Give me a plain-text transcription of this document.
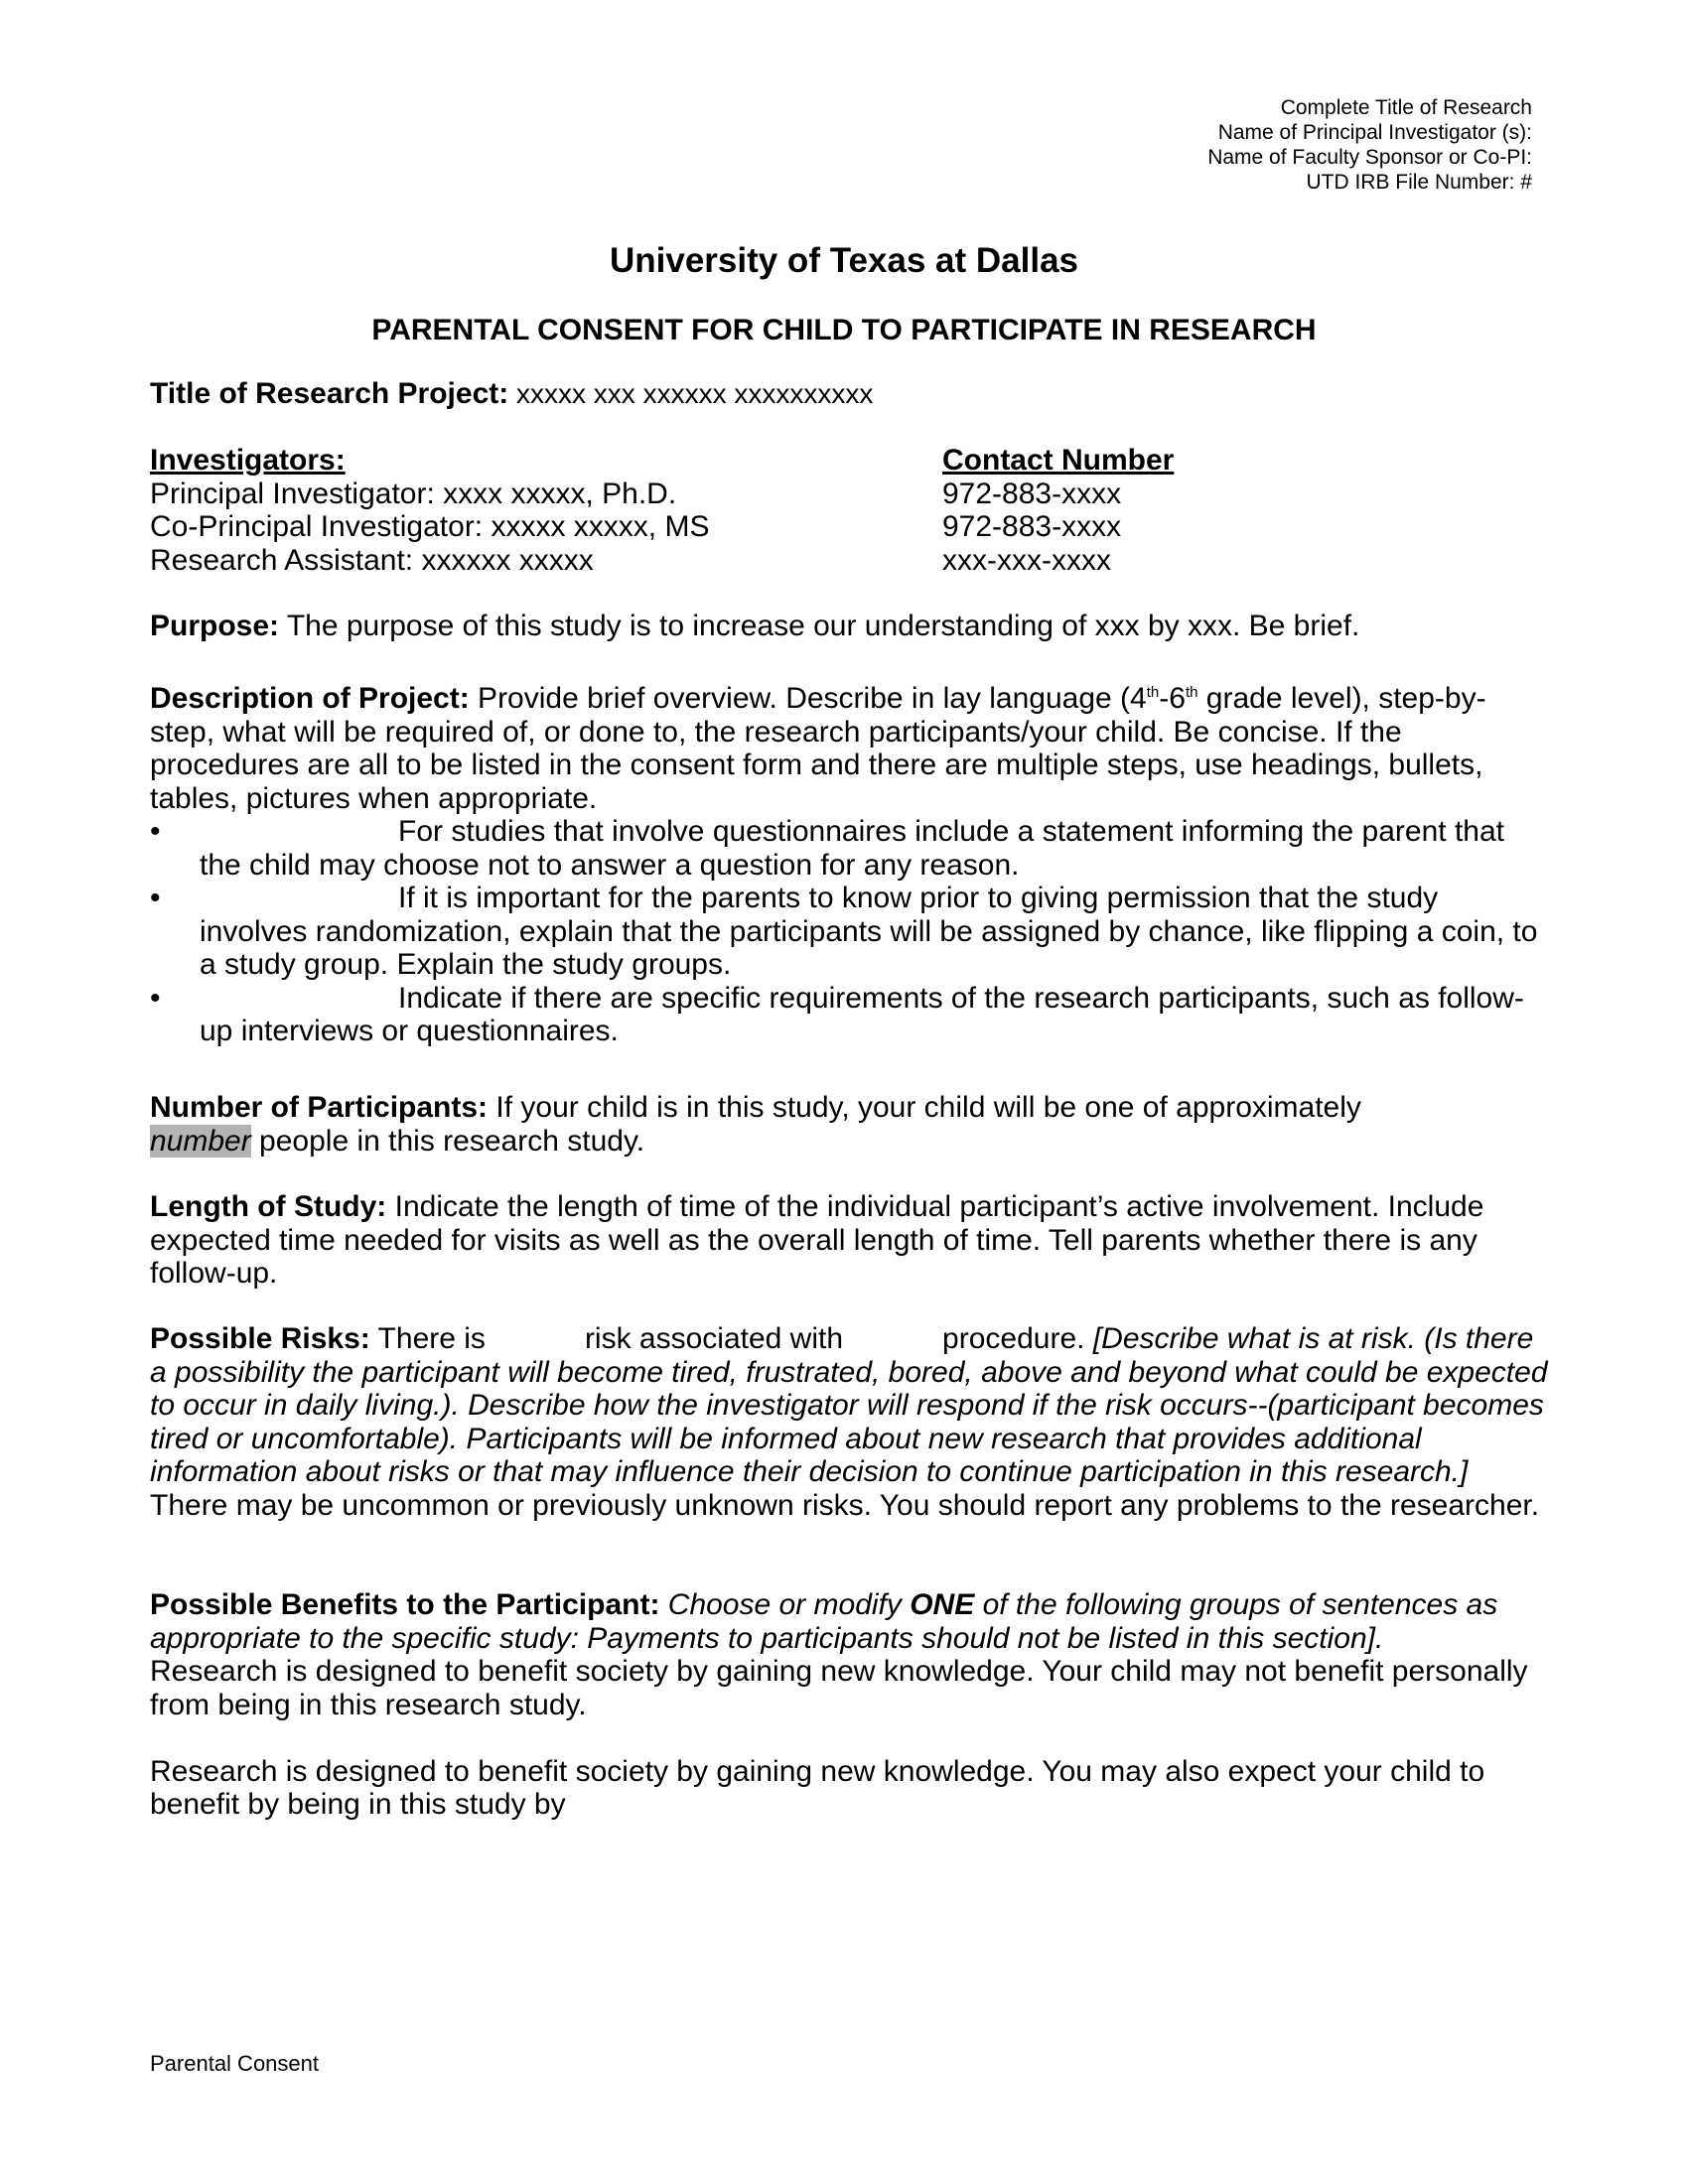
Complete Title of Research
Name of Principal Investigator (s):
Name of Faculty Sponsor or Co-PI:
UTD IRB File Number: #
University of Texas at Dallas
PARENTAL CONSENT FOR CHILD TO PARTICIPATE IN RESEARCH
Title of Research Project: xxxxx xxx xxxxxx xxxxxxxxxx
Investigators:	Contact Number
Principal Investigator: xxxx xxxxx, Ph.D.	972-883-xxxx
Co-Principal Investigator: xxxxx xxxxx, MS	972-883-xxxx
Research Assistant: xxxxxx xxxxx	xxx-xxx-xxxx
Purpose: The purpose of this study is to increase our understanding of xxx by xxx. Be brief.
Description of Project: Provide brief overview. Describe in lay language (4th-6th grade level), step-by-step, what will be required of, or done to, the research participants/your child. Be concise. If the procedures are all to be listed in the consent form and there are multiple steps, use headings, bullets, tables, pictures when appropriate.
•	For studies that involve questionnaires include a statement informing the parent that the child may choose not to answer a question for any reason.
•	If it is important for the parents to know prior to giving permission that the study involves randomization, explain that the participants will be assigned by chance, like flipping a coin, to a study group. Explain the study groups.
•	Indicate if there are specific requirements of the research participants, such as follow-up interviews or questionnaires.
Number of Participants: If your child is in this study, your child will be one of approximately
number people in this research study.
Length of Study: Indicate the length of time of the individual participant’s active involvement. Include expected time needed for visits as well as the overall length of time. Tell parents whether there is any follow-up.
Possible Risks: There is	risk associated with	procedure. [Describe what is at risk. (Is there a possibility the participant will become tired, frustrated, bored, above and beyond what could be expected to occur in daily living.). Describe how the investigator will respond if the risk occurs--(participant becomes tired or uncomfortable). Participants will be informed about new research that provides additional information about risks or that may influence their decision to continue participation in this research.] There may be uncommon or previously unknown risks. You should report any problems to the researcher.
Possible Benefits to the Participant: Choose or modify ONE of the following groups of sentences as appropriate to the specific study: Payments to participants should not be listed in this section].
Research is designed to benefit society by gaining new knowledge. Your child may not benefit personally from being in this research study.
Research is designed to benefit society by gaining new knowledge. You may also expect your child to benefit by being in this study by
Parental Consent
